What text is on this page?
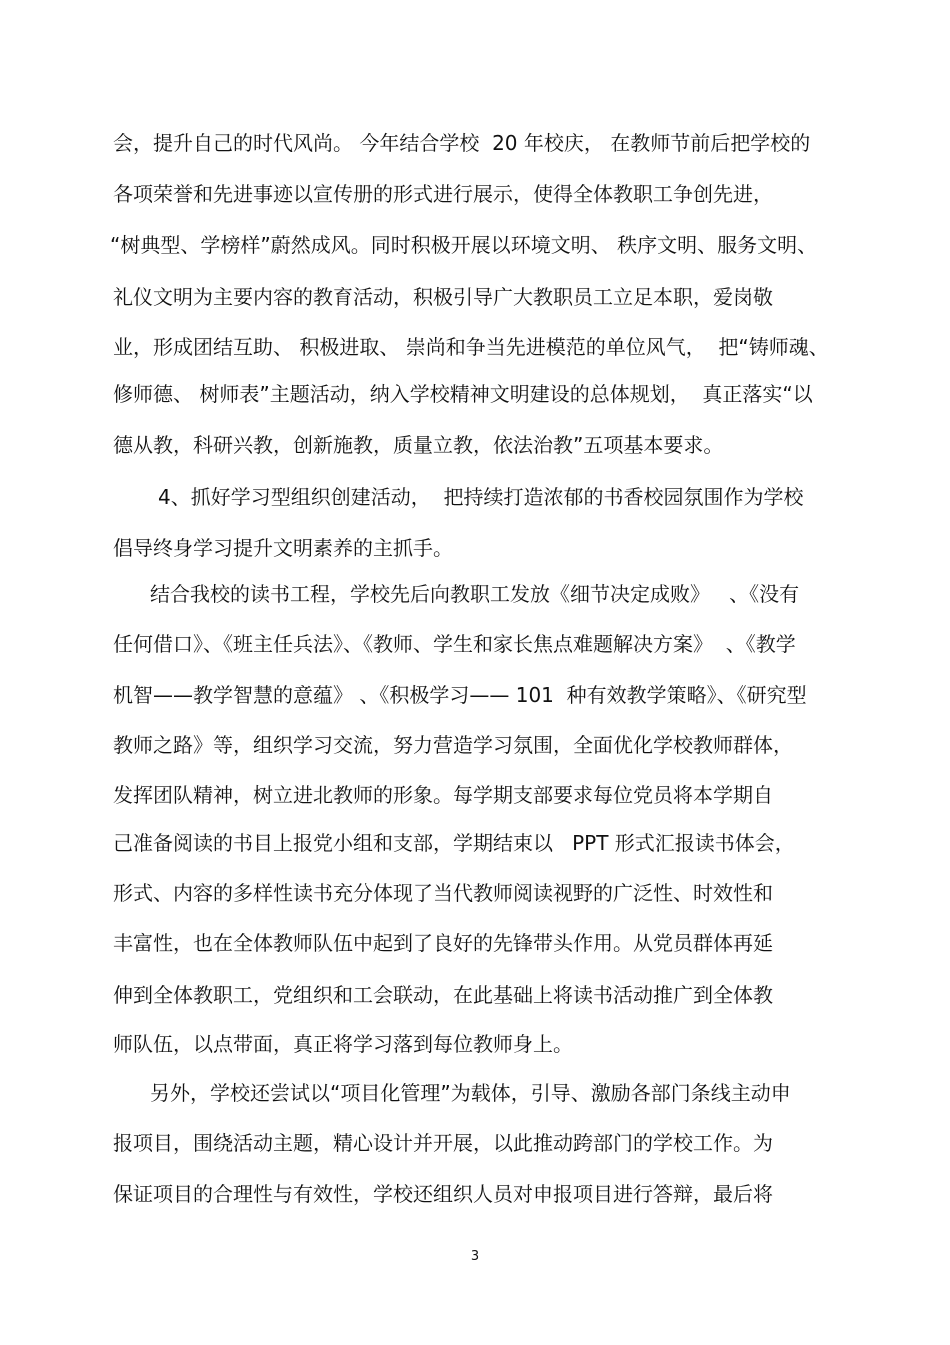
会，提升自己的时代风尚。 今年结合学校  20 年校庆， 在教师节前后把学校的
各项荣誉和先进事迹以宣传册的形式进行展示，使得全体教职工争创先进，
“树典型、学榜样”蔚然成风。同时积极开展以环境文明、 秩序文明、服务文明、
礼仪文明为主要内容的教育活动，积极引导广大教职员工立足本职，爱岗敬
业，形成团结互助、 积极进取、 崇尚和争当先进模范的单位风气，  把“铸师魂、
修师德、 树师表”主题活动，纳入学校精神文明建设的总体规划，  真正落实“以
德从教，科研兴教，创新施教，质量立教，依法治教”五项基本要求。
4、抓好学习型组织创建活动，  把持续打造浓郁的书香校园氛围作为学校
倡导终身学习提升文明素养的主抓手。
结合我校的读书工程，学校先后向教职工发放《细节决定成败》   、《没有
任何借口》、《班主任兵法》、《教师、学生和家长焦点难题解决方案》  、《教学
机智——教学智慧的意蕴》 、《积极学习—— 101  种有效教学策略》、《研究型
教师之路》等，组织学习交流，努力营造学习氛围，全面优化学校教师群体，
发挥团队精神，树立进北教师的形象。每学期支部要求每位党员将本学期自
己准备阅读的书目上报党小组和支部，学期结束以   PPT 形式汇报读书体会，
形式、内容的多样性读书充分体现了当代教师阅读视野的广泛性、时效性和
丰富性，也在全体教师队伍中起到了良好的先锋带头作用。从党员群体再延
伸到全体教职工，党组织和工会联动，在此基础上将读书活动推广到全体教
师队伍，以点带面，真正将学习落到每位教师身上。
另外，学校还尝试以“项目化管理”为载体，引导、激励各部门条线主动申
报项目，围绕活动主题，精心设计并开展，以此推动跨部门的学校工作。为
保证项目的合理性与有效性，学校还组织人员对申报项目进行答辩，最后将
3
